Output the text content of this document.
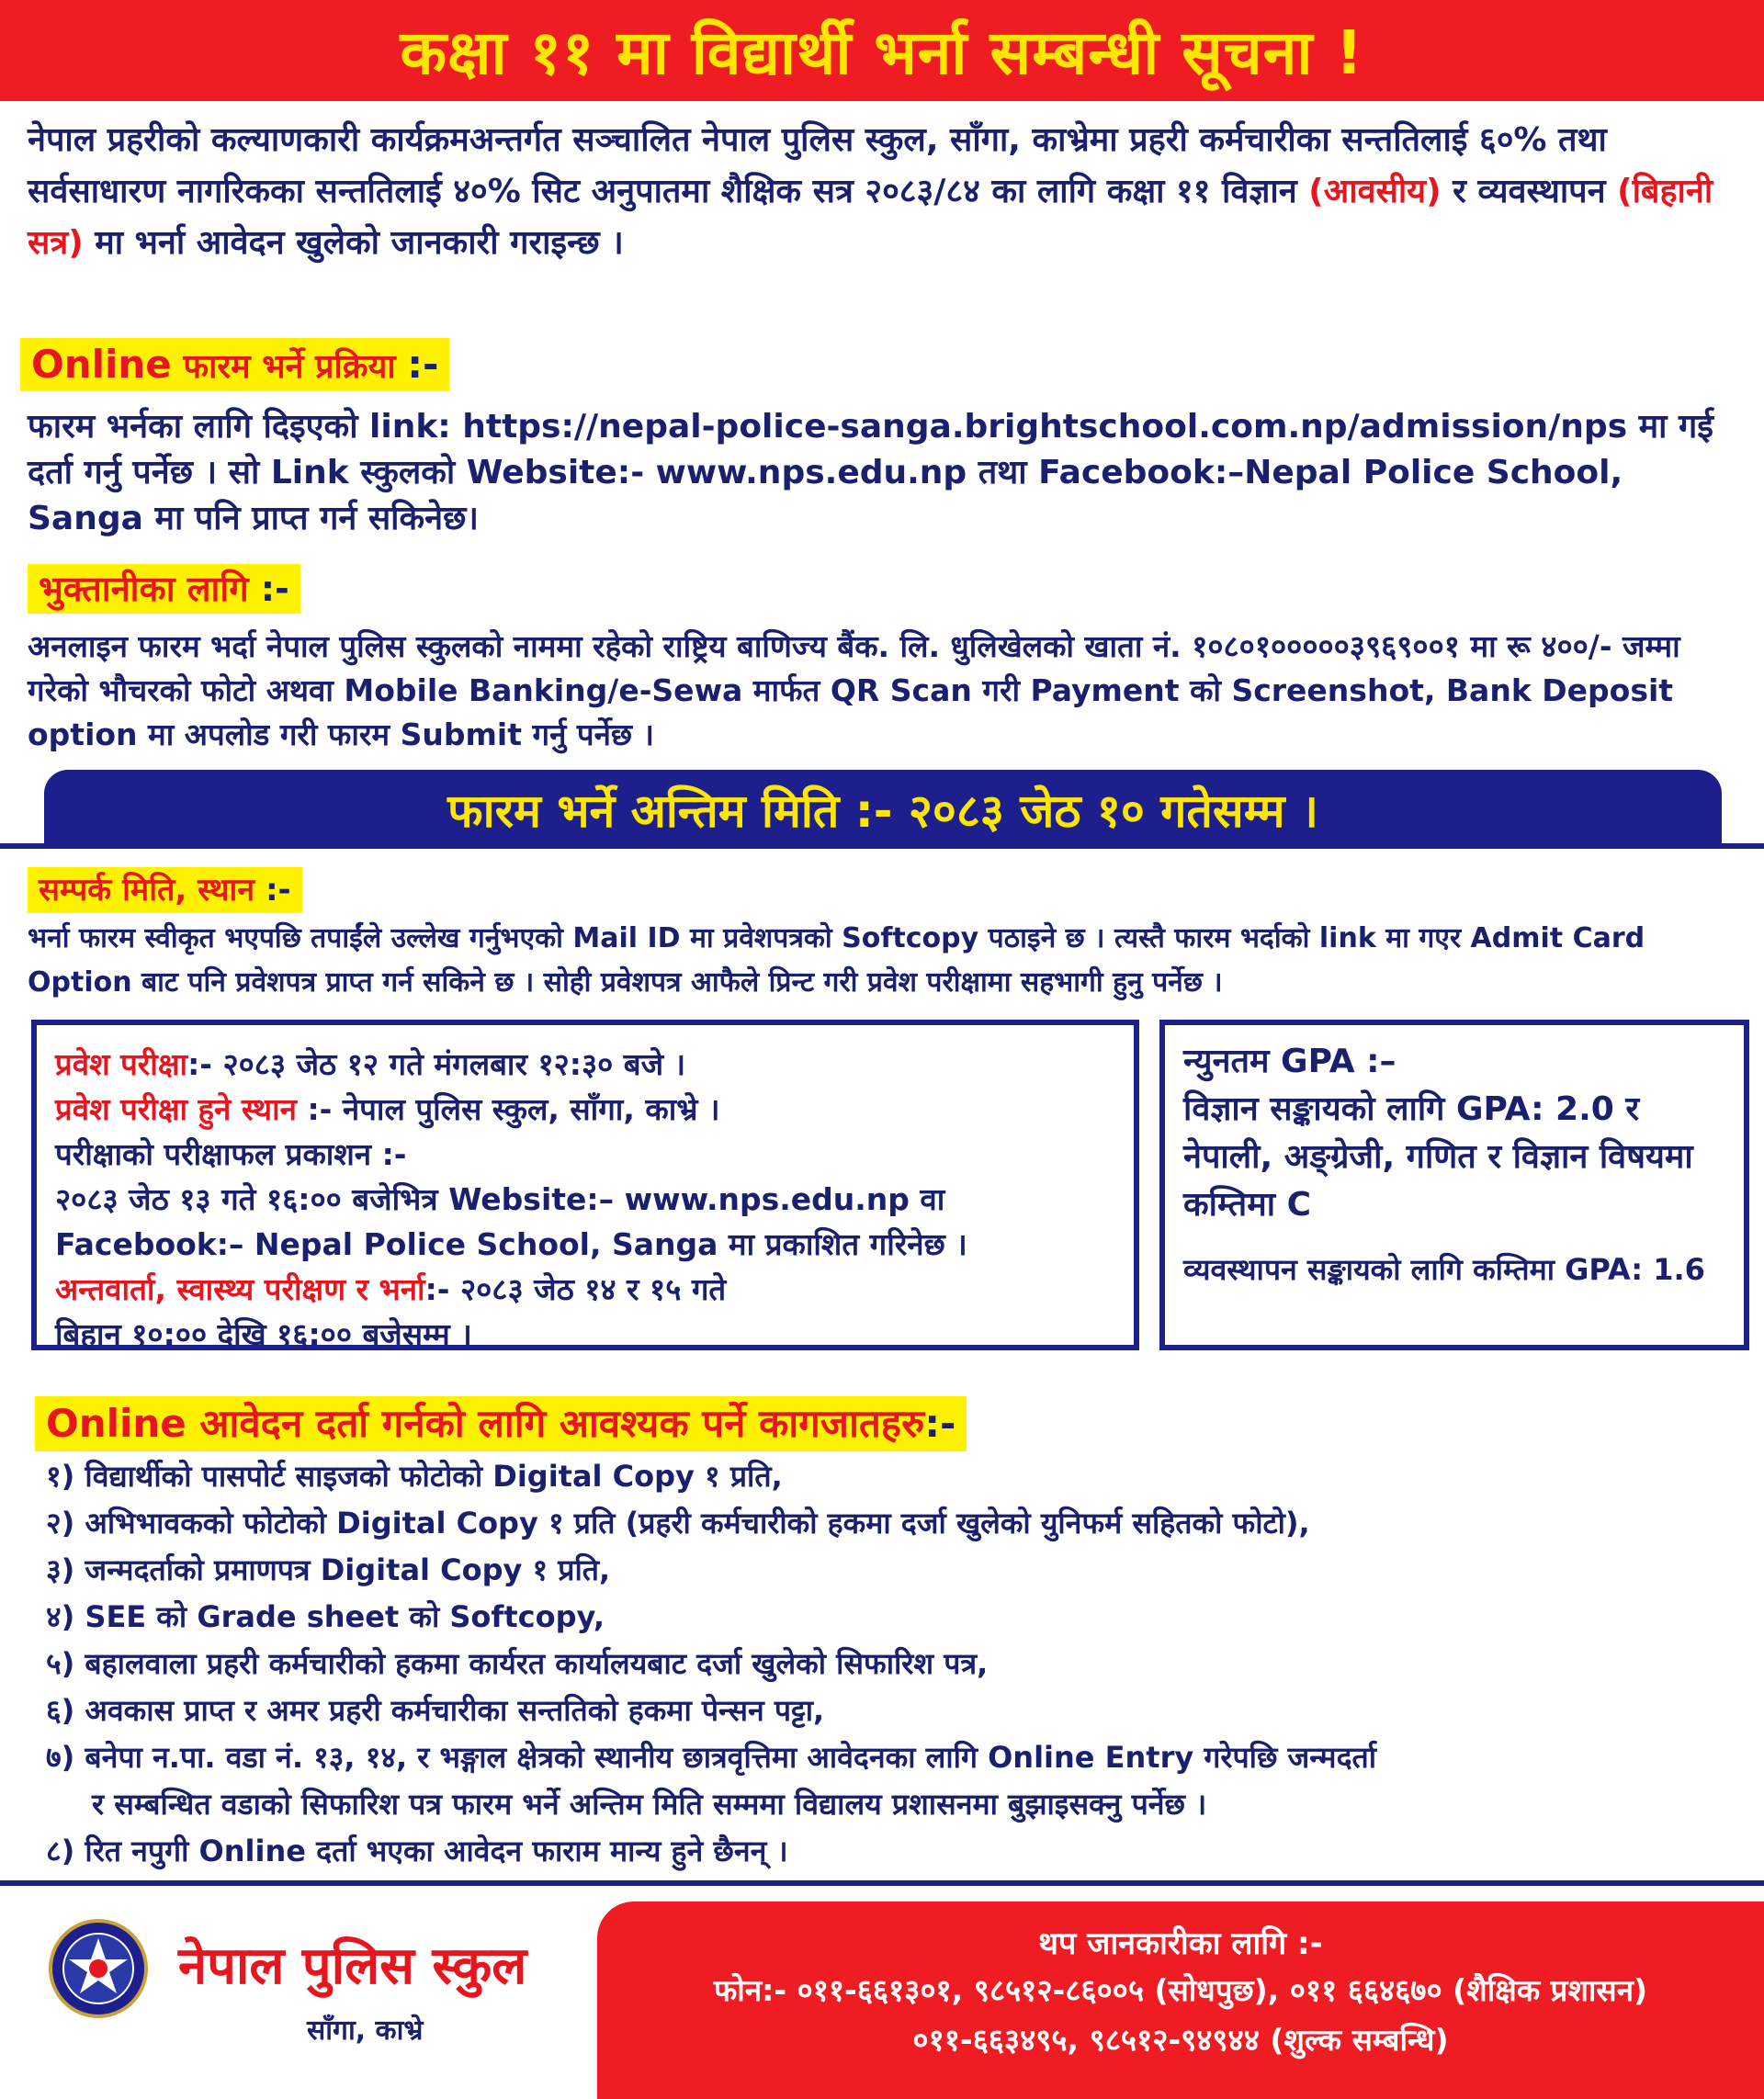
कक्षा ११ मा विद्यार्थी भर्ना सम्बन्धी सूचना !
नेपाल प्रहरीको कल्याणकारी कार्यक्रमअन्तर्गत सञ्चालित नेपाल पुलिस स्कुल, साँगा, काभ्रेमा प्रहरी कर्मचारीका सन्ततिलाई ६०% तथा सर्वसाधारण नागरिकका सन्ततिलाई ४०% सिट अनुपातमा शैक्षिक सत्र २०८३/८४ का लागि कक्षा ११ विज्ञान (आवसीय) र व्यवस्थापन (बिहानी सत्र) मा भर्ना आवेदन खुलेको जानकारी गराइन्छ ।
Online फारम भर्ने प्रक्रिया :-
फारम भर्नका लागि दिइएको link: https://nepal-police-sanga.brightschool.com.np/admission/nps मा गई दर्ता गर्नु पर्नेछ । सो Link स्कुलको Website:- www.nps.edu.np तथा Facebook:–Nepal Police School, Sanga मा पनि प्राप्त गर्न सकिनेछ।
भुक्तानीका लागि :-
अनलाइन फारम भर्दा नेपाल पुलिस स्कुलको नाममा रहेको राष्ट्रिय बाणिज्य बैंक. लि. धुलिखेलको खाता नं. १०८०१०००००३९६९००१ मा रू ४००/- जम्मा गरेको भौचरको फोटो अथवा Mobile Banking/e-Sewa मार्फत QR Scan गरी Payment को Screenshot, Bank Deposit option मा अपलोड गरी फारम Submit गर्नु पर्नेछ ।
फारम भर्ने अन्तिम मिति :- २०८३ जेठ १० गतेसम्म ।
सम्पर्क मिति, स्थान :-
भर्ना फारम स्वीकृत भएपछि तपाईंले उल्लेख गर्नुभएको Mail ID मा प्रवेशपत्रको Softcopy पठाइने छ । त्यस्तै फारम भर्दाको link मा गएर Admit Card Option बाट पनि प्रवेशपत्र प्राप्त गर्न सकिने छ । सोही प्रवेशपत्र आफैले प्रिन्ट गरी प्रवेश परीक्षामा सहभागी हुनु पर्नेछ ।
प्रवेश परीक्षा:- २०८३ जेठ १२ गते मंगलबार १२:३० बजे ।
प्रवेश परीक्षा हुने स्थान :- नेपाल पुलिस स्कुल, साँगा, काभ्रे ।
परीक्षाको परीक्षाफल प्रकाशन :-
२०८३ जेठ १३ गते १६:०० बजेभित्र Website:– www.nps.edu.np वा
Facebook:– Nepal Police School, Sanga मा प्रकाशित गरिनेछ ।
अन्तवार्ता, स्वास्थ्य परीक्षण र भर्ना:- २०८३ जेठ १४ र १५ गते
बिहान १०:०० देखि १६:०० बजेसम्म ।
न्युनतम GPA :–
विज्ञान सङ्कायको लागि GPA: 2.0 र नेपाली, अङ्ग्रेजी, गणित र विज्ञान विषयमा कम्तिमा C
व्यवस्थापन सङ्कायको लागि कम्तिमा GPA: 1.6
Online आवेदन दर्ता गर्नको लागि आवश्यक पर्ने कागजातहरु:-
१) विद्यार्थीको पासपोर्ट साइजको फोटोको Digital Copy १ प्रति,
२) अभिभावकको फोटोको Digital Copy १ प्रति (प्रहरी कर्मचारीको हकमा दर्जा खुलेको युनिफर्म सहितको फोटो),
३) जन्मदर्ताको प्रमाणपत्र Digital Copy १ प्रति,
४) SEE को Grade sheet को Softcopy,
५) बहालवाला प्रहरी कर्मचारीको हकमा कार्यरत कार्यालयबाट दर्जा खुलेको सिफारिश पत्र,
६) अवकास प्राप्त र अमर प्रहरी कर्मचारीका सन्ततिको हकमा पेन्सन पट्टा,
७) बनेपा न.पा. वडा नं. १३, १४, र भङ्गाल क्षेत्रको स्थानीय छात्रवृत्तिमा आवेदनका लागि Online Entry गरेपछि जन्मदर्ता
र सम्बन्धित वडाको सिफारिश पत्र फारम भर्ने अन्तिम मिति सम्ममा विद्यालय प्रशासनमा बुझाइसक्नु पर्नेछ ।
८) रित नपुगी Online दर्ता भएका आवेदन फाराम मान्य हुने छैनन् ।
नेपाल पुलिस स्कुल
साँगा, काभ्रे
थप जानकारीका लागि :-
फोन:- ०११-६६१३०१, ९८५१२-८६००५ (सोधपुछ), ०११ ६६४६७० (शैक्षिक प्रशासन)
०११-६६३४९५, ९८५१२-९४९४४ (शुल्क सम्बन्धि)
